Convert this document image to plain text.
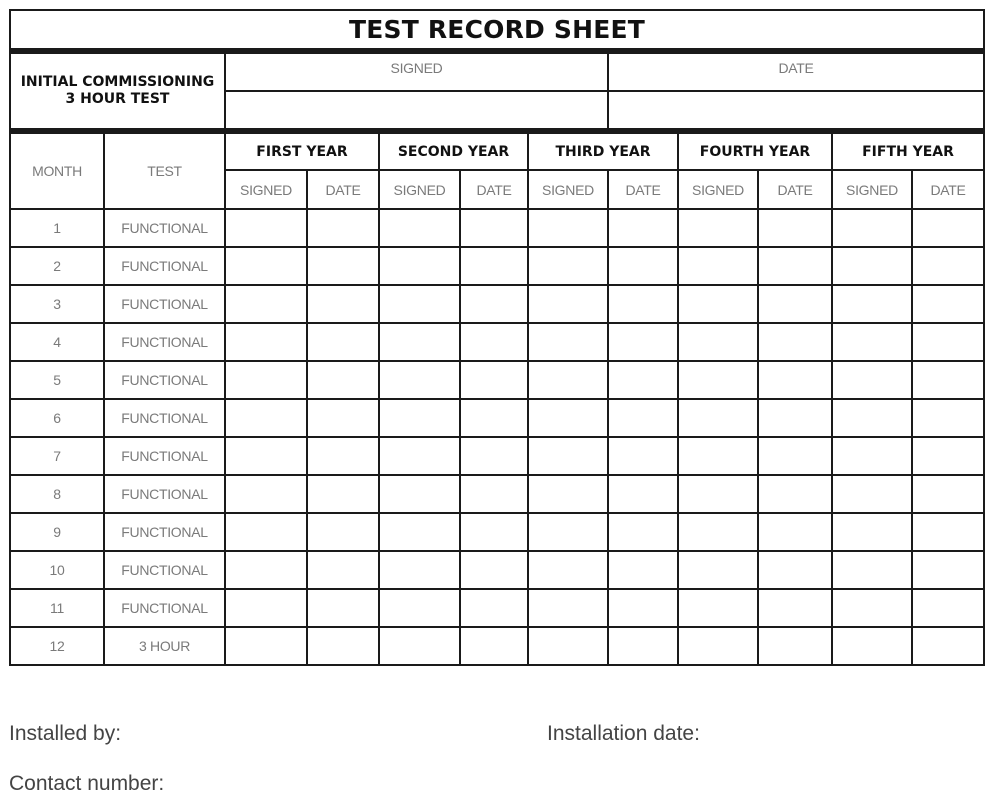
TEST RECORD SHEET											
INITIAL COMMISSIONING
3 HOUR TEST		SIGNED					DATE				

MONTH	TEST	FIRST YEAR		SECOND YEAR		THIRD YEAR		FOURTH YEAR		FIFTH YEAR	
		SIGNED	DATE	SIGNED	DATE	SIGNED	DATE	SIGNED	DATE	SIGNED	DATE
1	FUNCTIONAL										
2	FUNCTIONAL										
3	FUNCTIONAL										
4	FUNCTIONAL										
5	FUNCTIONAL										
6	FUNCTIONAL										
7	FUNCTIONAL										
8	FUNCTIONAL										
9	FUNCTIONAL										
10	FUNCTIONAL										
11	FUNCTIONAL										
12	3 HOUR										
Installed by:	Installation date:
Contact number:
